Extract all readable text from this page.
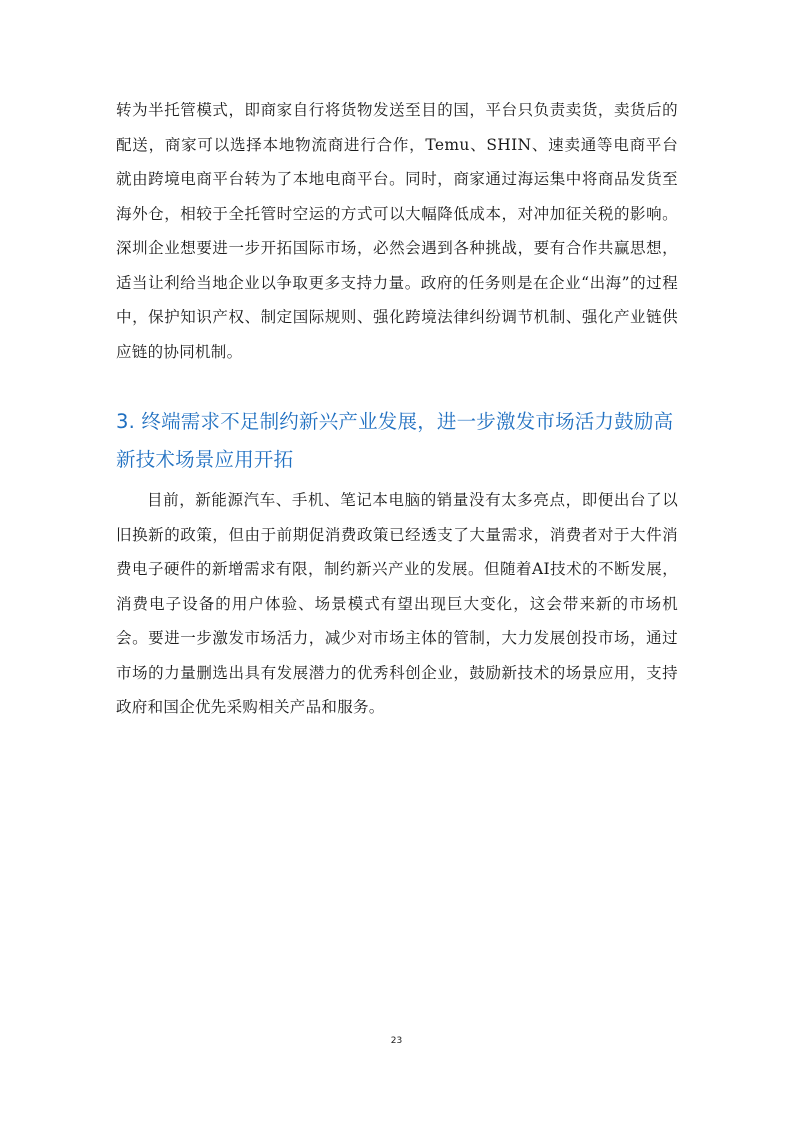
转为半托管模式，即商家自行将货物发送至目的国，平台只负责卖货，卖货后的配送，商家可以选择本地物流商进行合作，Temu、SHIN、速卖通等电商平台就由跨境电商平台转为了本地电商平台。同时，商家通过海运集中将商品发货至海外仓，相较于全托管时空运的方式可以大幅降低成本，对冲加征关税的影响。深圳企业想要进一步开拓国际市场，必然会遇到各种挑战，要有合作共赢思想，适当让利给当地企业以争取更多支持力量。政府的任务则是在企业“出海”的过程中，保护知识产权、制定国际规则、强化跨境法律纠纷调节机制、强化产业链供应链的协同机制。

3. 终端需求不足制约新兴产业发展，进一步激发市场活力鼓励高新技术场景应用开拓

目前，新能源汽车、手机、笔记本电脑的销量没有太多亮点，即便出台了以旧换新的政策，但由于前期促消费政策已经透支了大量需求，消费者对于大件消费电子硬件的新增需求有限，制约新兴产业的发展。但随着AI技术的不断发展，消费电子设备的用户体验、场景模式有望出现巨大变化，这会带来新的市场机会。要进一步激发市场活力，减少对市场主体的管制，大力发展创投市场，通过市场的力量删选出具有发展潜力的优秀科创企业，鼓励新技术的场景应用，支持政府和国企优先采购相关产品和服务。

23
